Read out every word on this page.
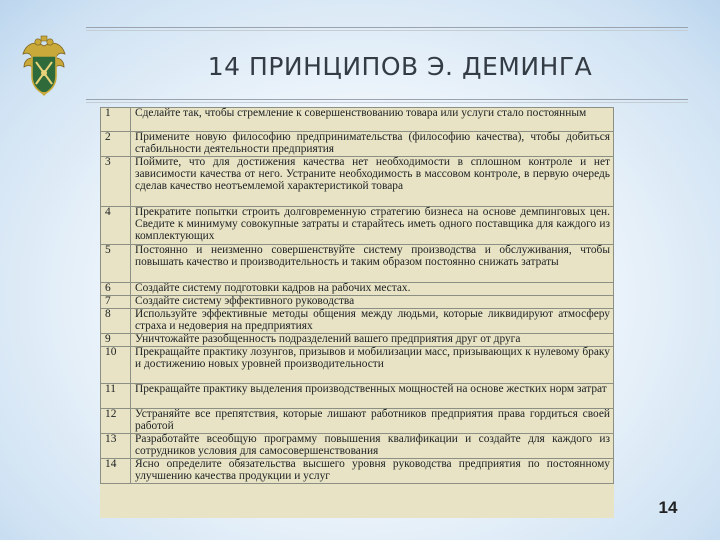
14 ПРИНЦИПОВ Э. ДЕМИНГА
1	Сделайте так, чтобы стремление к совершенствованию товара или услуги стало постоянным
2	Примените новую философию предпринимательства (философию качества), чтобы добиться стабильности деятельности предприятия
3	Поймите, что для достижения качества нет необходимости в сплошном контроле и нет зависимости качества от него. Устраните необходимость в массовом контроле, в первую очередь сделав качество неотъемлемой характеристикой товара
4	Прекратите попытки строить долговременную стратегию бизнеса на основе демпинговых цен. Сведите к минимуму совокупные затраты и старайтесь иметь одного поставщика для каждого из комплектующих
5	Постоянно и неизменно совершенствуйте систему производства и обслуживания, чтобы повышать качество и производительность и таким образом постоянно снижать затраты
6	Создайте систему подготовки кадров на рабочих местах.
7	Создайте систему эффективного руководства
8	Используйте эффективные методы общения между людьми, которые ликвидируют атмосферу страха и недоверия на предприятиях
9	Уничтожайте разобщенность подразделений вашего предприятия друг от друга
10	Прекращайте практику лозунгов, призывов и мобилизации масс, призывающих к нулевому браку и достижению новых уровней производительности
11	Прекращайте практику выделения производственных мощностей на основе жестких норм затрат
12	Устраняйте все препятствия, которые лишают работников предприятия права гордиться своей работой
13	Разработайте всеобщую программу повышения квалификации и создайте для каждого из сотрудников условия для самосовершенствования
14	Ясно определите обязательства высшего уровня руководства предприятия по постоянному улучшению качества продукции и услуг
14
